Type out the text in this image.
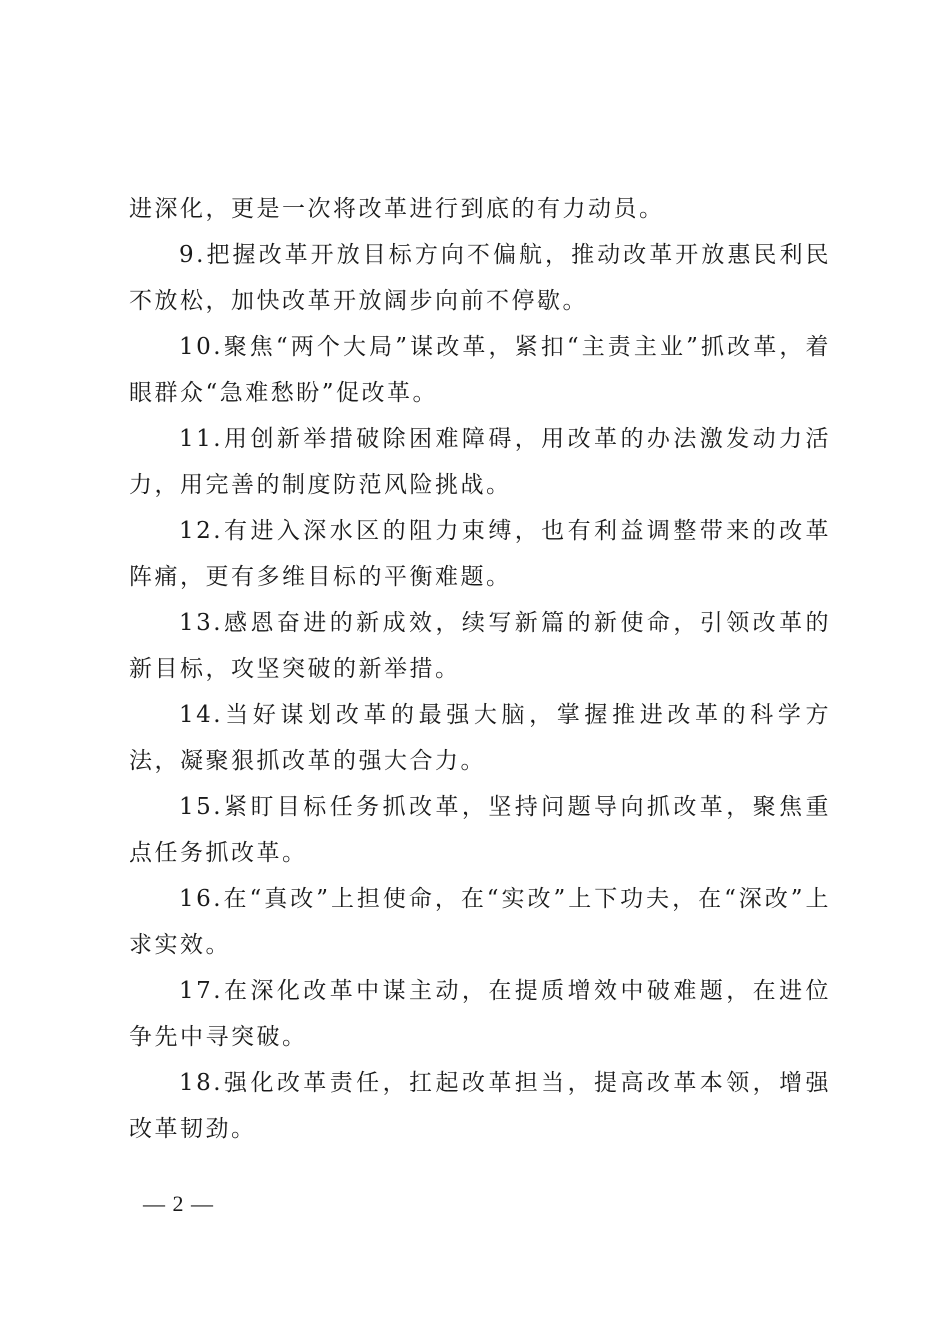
进深化，更是一次将改革进行到底的有力动员。

9.把握改革开放目标方向不偏航，推动改革开放惠民利民不放松，加快改革开放阔步向前不停歇。

10.聚焦“两个大局”谋改革，紧扣“主责主业”抓改革，着眼群众“急难愁盼”促改革。

11.用创新举措破除困难障碍，用改革的办法激发动力活力，用完善的制度防范风险挑战。

12.有进入深水区的阻力束缚，也有利益调整带来的改革阵痛，更有多维目标的平衡难题。

13.感恩奋进的新成效，续写新篇的新使命，引领改革的新目标，攻坚突破的新举措。

14.当好谋划改革的最强大脑，掌握推进改革的科学方法，凝聚狠抓改革的强大合力。

15.紧盯目标任务抓改革，坚持问题导向抓改革，聚焦重点任务抓改革。

16.在“真改”上担使命，在“实改”上下功夫，在“深改”上求实效。

17.在深化改革中谋主动，在提质增效中破难题，在进位争先中寻突破。

18.强化改革责任，扛起改革担当，提高改革本领，增强改革韧劲。

— 2 —
